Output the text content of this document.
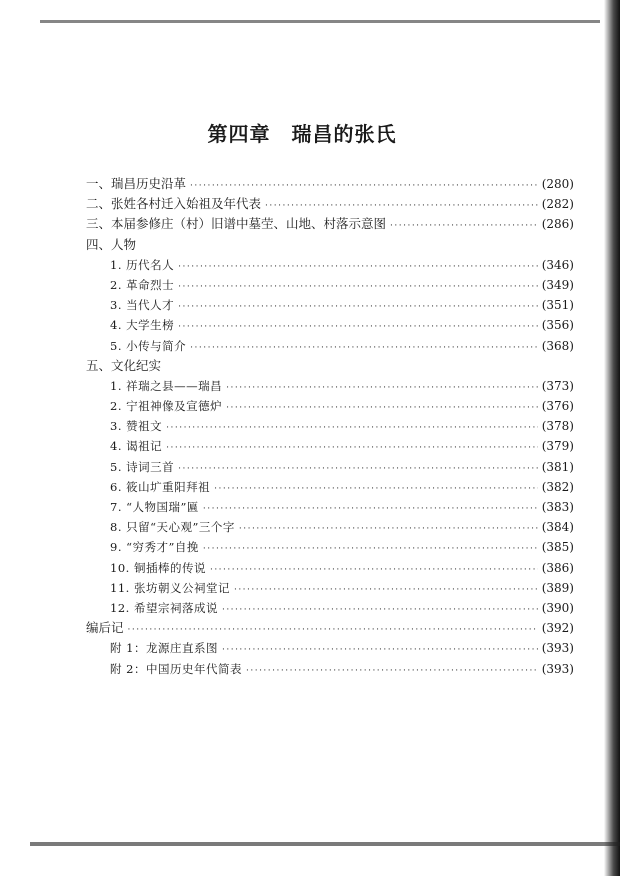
第四章　瑞昌的张氏
一、瑞昌历史沿革 ·····	(280)
二、张姓各村迁入始祖及年代表 ·····	(282)
三、本届参修庄（村）旧谱中墓茔、山地、村落示意图 ·····	(286)
四、人物
1. 历代名人 ·····	(346)
2. 革命烈士 ·····	(349)
3. 当代人才 ·····	(351)
4. 大学生榜 ·····	(356)
5. 小传与简介 ·····	(368)
五、文化纪实
1. 祥瑞之县——瑞昌 ·····	(373)
2. 宁祖神像及宣德炉 ·····	(376)
3. 赞祖文 ·····	(378)
4. 谒祖记 ·····	(379)
5. 诗词三首 ·····	(381)
6. 筱山圹重阳拜祖 ·····	(382)
7. “人物国瑞”匾 ·····	(383)
8. 只留“天心观”三个字 ·····	(384)
9. “穷秀才”自挽 ·····	(385)
10. 铜插棒的传说 ·····	(386)
11. 张坊朝义公祠堂记 ·····	(389)
12. 希望宗祠落成说 ·····	(390)
编后记 ·····	(392)
附 1：龙源庄直系图 ·····	(393)
附 2：中国历史年代简表 ·····	(393)
